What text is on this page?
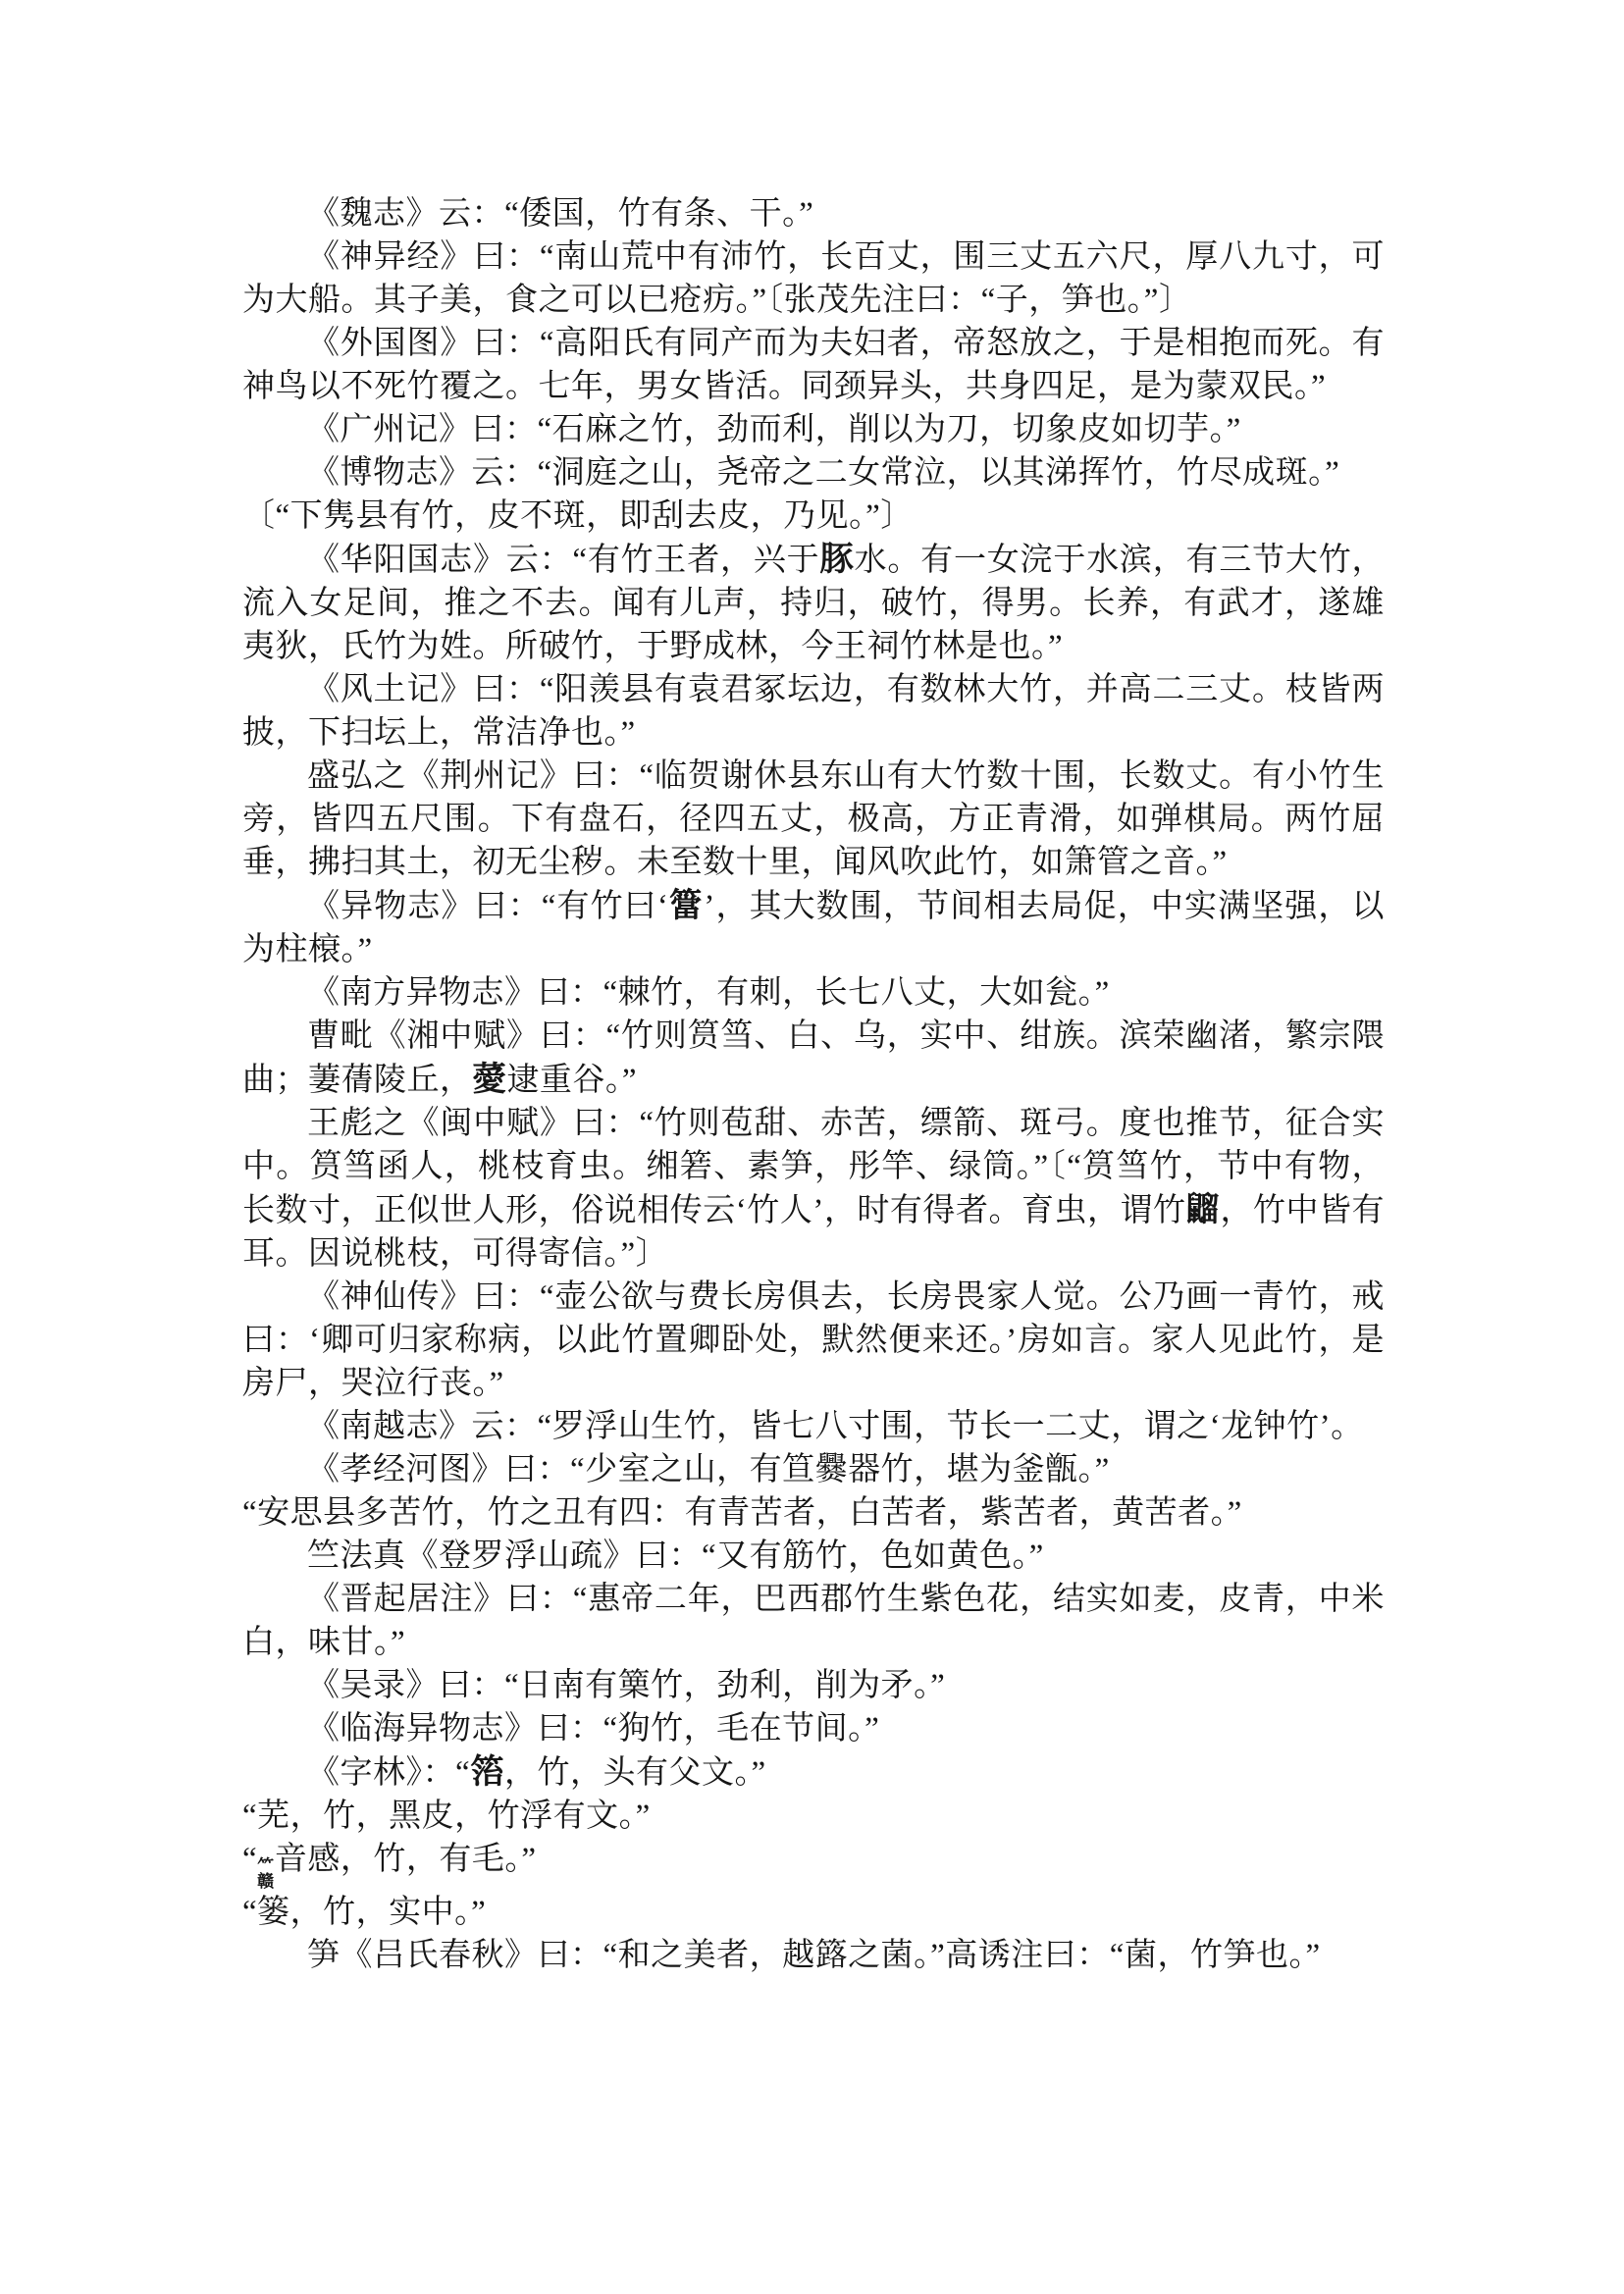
《魏志》云：“倭国，竹有条、干。”

《神异经》曰：“南山荒中有沛竹，长百丈，围三丈五六尺，厚八九寸，可为大船。其子美，食之可以已疮疠。”〔张茂先注曰：“子，笋也。”〕

《外国图》曰：“高阳氏有同产而为夫妇者，帝怒放之，于是相抱而死。有神鸟以不死竹覆之。七年，男女皆活。同颈异头，共身四足，是为蒙双民。”

《广州记》曰：“石麻之竹，劲而利，削以为刀，切象皮如切芋。”

《博物志》云：“洞庭之山，尧帝之二女常泣，以其涕挥竹，竹尽成斑。”

〔“下隽县有竹，皮不斑，即刮去皮，乃见。”〕

《华阳国志》云：“有竹王者，兴于豚水。有一女浣于水滨，有三节大竹，流入女足间，推之不去。闻有儿声，持归，破竹，得男。长养，有武才，遂雄夷狄，氏竹为姓。所破竹，于野成林，今王祠竹林是也。”

《风土记》曰：“阳羡县有袁君冢坛边，有数林大竹，并高二三丈。枝皆两披，下扫坛上，常洁净也。”

盛弘之《荆州记》曰：“临贺谢休县东山有大竹数十围，长数丈。有小竹生旁，皆四五尺围。下有盘石，径四五丈，极高，方正青滑，如弹棋局。两竹屈垂，拂扫其土，初无尘秽。未至数十里，闻风吹此竹，如箫管之音。”

《异物志》曰：“有竹曰‘簹’，其大数围，节间相去局促，中实满坚强，以为柱榱。”

《南方异物志》曰：“棘竹，有刺，长七八丈，大如瓮。”

曹毗《湘中赋》曰：“竹则筼筜、白、乌，实中、绀族。滨荣幽渚，繁宗隈曲；萋蒨陵丘，薆逮重谷。”

王彪之《闽中赋》曰：“竹则苞甜、赤苦，缥箭、斑弓。度也推节，征合实中。筼筜函人，桃枝育虫。缃箬、素笋，彤竿、绿筒。”〔“筼筜竹，节中有物，长数寸，正似世人形，俗说相传云‘竹人’，时有得者。育虫，谓竹䶉，竹中皆有耳。因说桃枝，可得寄信。”〕

《神仙传》曰：“壶公欲与费长房俱去，长房畏家人觉。公乃画一青竹，戒曰：‘卿可归家称病，以此竹置卿卧处，默然便来还。’房如言。家人见此竹，是房尸，哭泣行丧。”

《南越志》云：“罗浮山生竹，皆七八寸围，节长一二丈，谓之‘龙钟竹’。

《孝经河图》曰：“少室之山，有笪爨器竹，堪为釜甑。”

“安思县多苦竹，竹之丑有四：有青苦者，白苦者，紫苦者，黄苦者。”

竺法真《登罗浮山疏》曰：“又有筋竹，色如黄色。”

《晋起居注》曰：“惠帝二年，巴西郡竹生紫色花，结实如麦，皮青，中米白，味甘。”

《吴录》曰：“日南有篥竹，劲利，削为矛。”

《临海异物志》曰：“狗竹，毛在节间。”

《字林》：“箈，竹，头有父文。”

“芜，竹，黑皮，竹浮有文。”

“ ⺮
赣
音感，竹，有毛。”

“篓，竹，实中。”

笋《吕氏春秋》曰：“和之美者，越簬之菌。”高诱注曰：“菌，竹笋也。”
